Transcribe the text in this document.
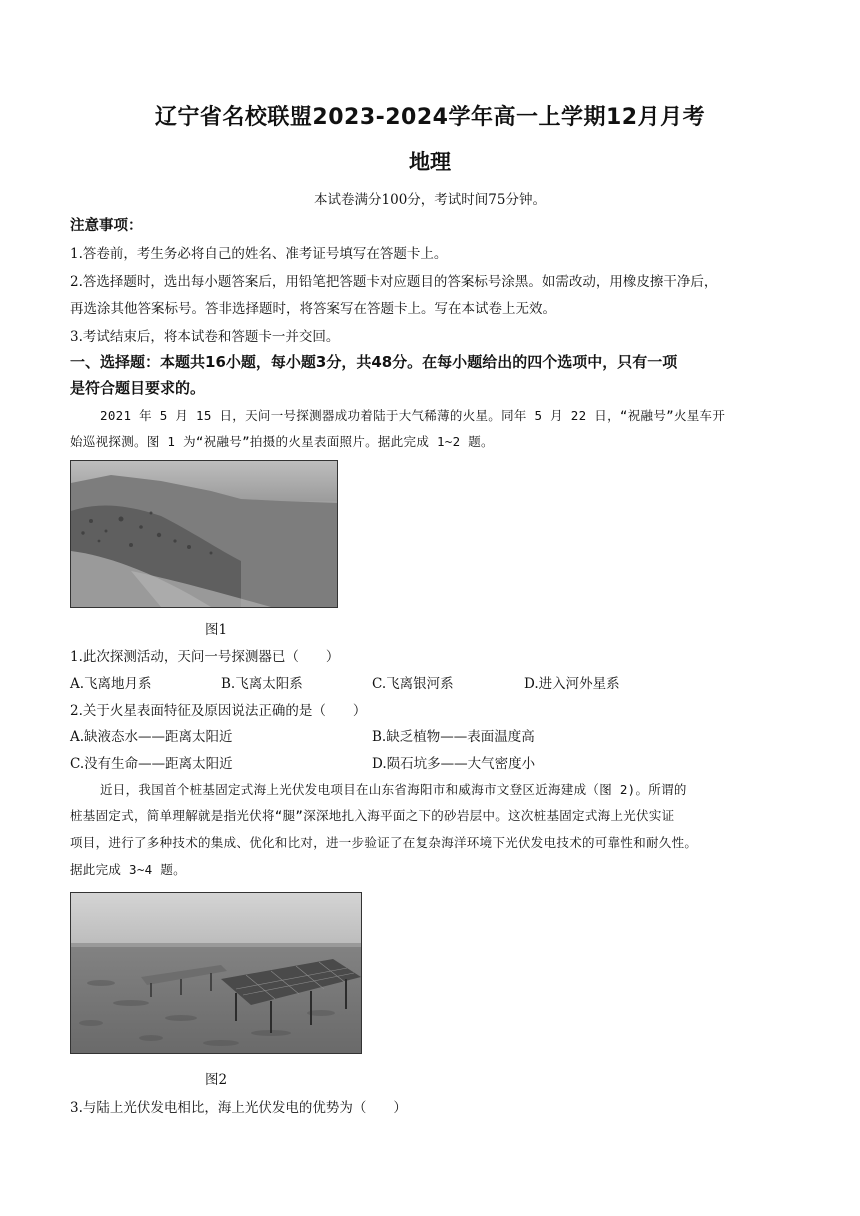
辽宁省名校联盟2023-2024学年高一上学期12月月考
地理
本试卷满分100分，考试时间75分钟。
注意事项：
1.答卷前，考生务必将自己的姓名、准考证号填写在答题卡上。
2.答选择题时，选出每小题答案后，用铅笔把答题卡对应题目的答案标号涂黑。如需改动，用橡皮擦干净后，
再选涂其他答案标号。答非选择题时，将答案写在答题卡上。写在本试卷上无效。
3.考试结束后，将本试卷和答题卡一并交回。
一、选择题：本题共16小题，每小题3分，共48分。在每小题给出的四个选项中，只有一项
是符合题目要求的。
2021 年 5 月 15 日，天问一号探测器成功着陆于大气稀薄的火星。同年 5 月 22 日，“祝融号”火星车开
始巡视探测。图 1 为“祝融号”拍摄的火星表面照片。据此完成 1~2 题。
图1
1.此次探测活动，天问一号探测器已（　　）
A.飞离地月系	B.飞离太阳系	C.飞离银河系	D.进入河外星系
2.关于火星表面特征及原因说法正确的是（　　）
A.缺液态水——距离太阳近	B.缺乏植物——表面温度高
C.没有生命——距离太阳近	D.陨石坑多——大气密度小
近日，我国首个桩基固定式海上光伏发电项目在山东省海阳市和威海市文登区近海建成（图 2)。所谓的
桩基固定式，简单理解就是指光伏将“腿”深深地扎入海平面之下的砂岩层中。这次桩基固定式海上光伏实证
项目，进行了多种技术的集成、优化和比对，进一步验证了在复杂海洋环境下光伏发电技术的可靠性和耐久性。
据此完成 3~4 题。
图2
3.与陆上光伏发电相比，海上光伏发电的优势为（　　）
